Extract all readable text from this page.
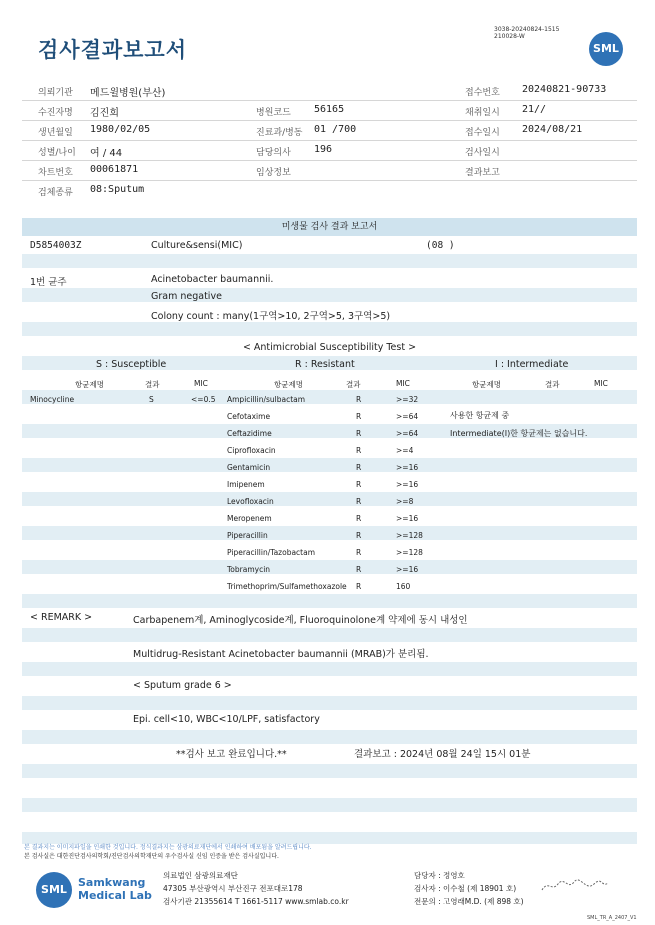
검사결과보고서
3038-20240824-1515
210028-W
SML
의뢰기관 메드윌병원(부산)	접수번호 20240821-90733
수진자명 김진희	병원코드 56165	채취일시 21//
생년월일 1980/02/05	진료과/병동 01 /700	접수일시 2024/08/21
성별/나이 여 / 44	담당의사 196	검사일시
차트번호 00061871	임상정보	결과보고
검체종류 08:Sputum
미생물 검사 결과 보고서
D5854003Z	Culture&sensi(MIC)	(08 )
1번 균주	Acinetobacter baumannii.
Gram negative
Colony count : many(1구역>10, 2구역>5, 3구역>5)
< Antimicrobial Susceptibility Test >
S : Susceptible	R : Resistant	I : Intermediate
항균제명	결과	MIC	항균제명	결과	MIC	항균제명	결과	MIC
Minocycline	S	<=0.5 Ampicillin/sulbactam	R	>=32
Cefotaxime	R	>=64
Ceftazidime	R	>=64
Ciprofloxacin	R	>=4
Gentamicin	R	>=16
Imipenem	R	>=16
Levofloxacin	R	>=8
Meropenem	R	>=16
Piperacillin	R	>=128
Piperacillin/Tazobactam	R	>=128
Tobramycin	R	>=16
Trimethoprim/Sulfamethoxazole R	160
사용한 항균제 중
Intermediate(I)한 항균제는 없습니다.
< REMARK >	Carbapenem계, Aminoglycoside계, Fluoroquinolone계 약제에 동시 내성인
Multidrug-Resistant Acinetobacter baumannii (MRAB)가 분리됨.
< Sputum grade 6 >
Epi. cell<10, WBC<10/LPF, satisfactory
**검사 보고 완료입니다.**	결과보고 : 2024년 08월 24일 15시 01분
본 결과지는 이미지파일을 인쇄한 것입니다. 정식결과지는 삼광의료재단에서 인쇄하여 배포됨을 알려드립니다.
본 검사실은 대한진단검사의학회/진단검사의학재단의 우수검사실 신임 인증을 받은 검사실입니다.
SML
Samkwang
Medical Lab
의료법인 삼광의료재단
47305 부산광역시 부산진구 전포대로178
검사기관 21355614 T 1661-5117 www.smlab.co.kr
담당자 : 정영호
검사자 : 이수철 (제 18901 호)
전문의 : 고영래M.D. (제 898 호)
SML_TR_A_2407_V1
